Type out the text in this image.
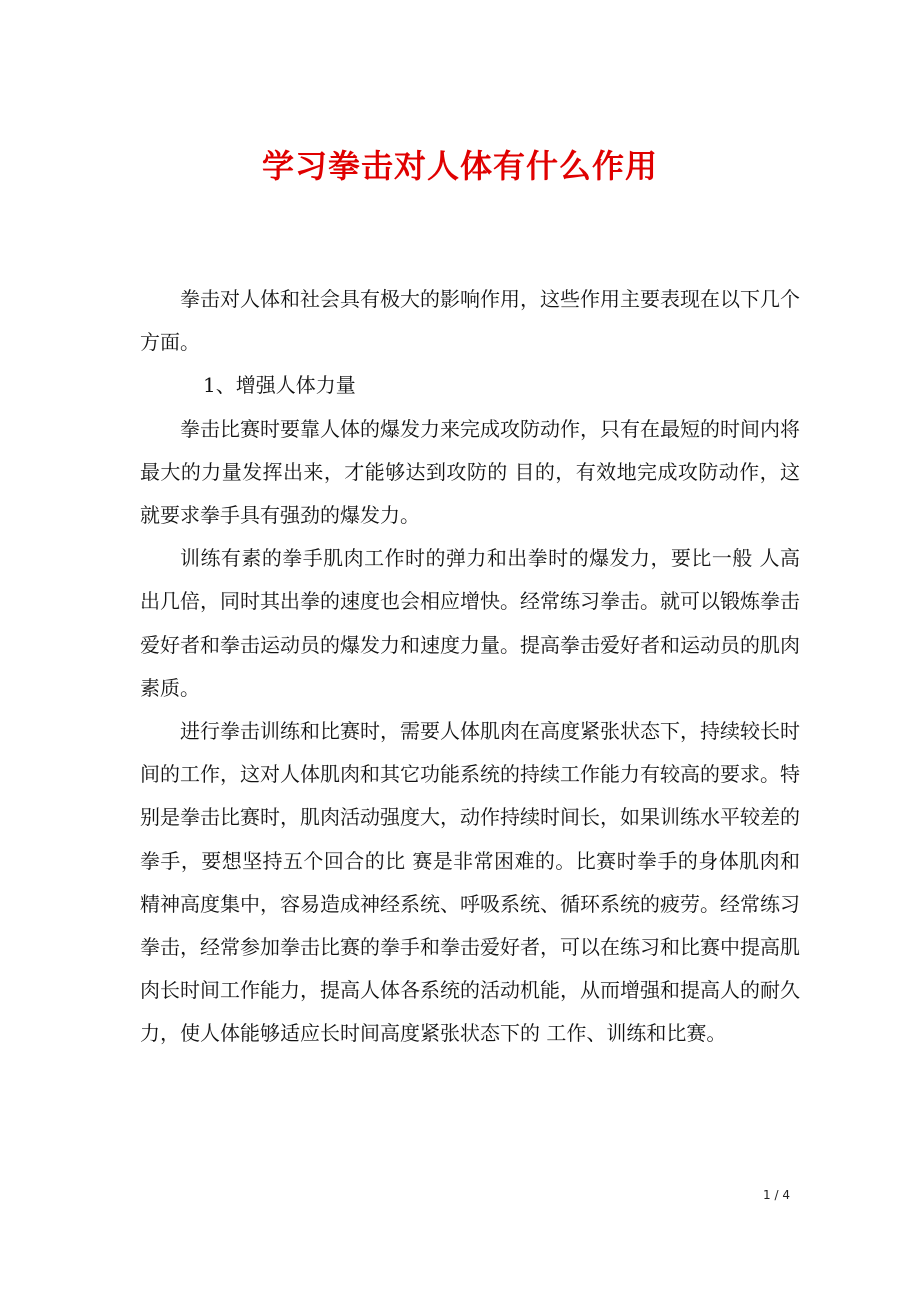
学习拳击对人体有什么作用

拳击对人体和社会具有极大的影响作用，这些作用主要表现在以下几个方面。

1、增强人体力量

拳击比赛时要靠人体的爆发力来完成攻防动作，只有在最短的时间内将最大的力量发挥出来，才能够达到攻防的 目的，有效地完成攻防动作，这就要求拳手具有强劲的爆发力。

训练有素的拳手肌肉工作时的弹力和出拳时的爆发力，要比一般 人高出几倍，同时其出拳的速度也会相应增快。经常练习拳击。就可以锻炼拳击爱好者和拳击运动员的爆发力和速度力量。提高拳击爱好者和运动员的肌肉素质。

进行拳击训练和比赛时，需要人体肌肉在高度紧张状态下，持续较长时间的工作，这对人体肌肉和其它功能系统的持续工作能力有较高的要求。特别是拳击比赛时，肌肉活动强度大，动作持续时间长，如果训练水平较差的拳手，要想坚持五个回合的比 赛是非常困难的。比赛时拳手的身体肌肉和精神高度集中，容易造成神经系统、呼吸系统、循环系统的疲劳。经常练习拳击，经常参加拳击比赛的拳手和拳击爱好者，可以在练习和比赛中提高肌肉长时间工作能力，提高人体各系统的活动机能，从而增强和提高人的耐久力，使人体能够适应长时间高度紧张状态下的 工作、训练和比赛。

1 / 4
